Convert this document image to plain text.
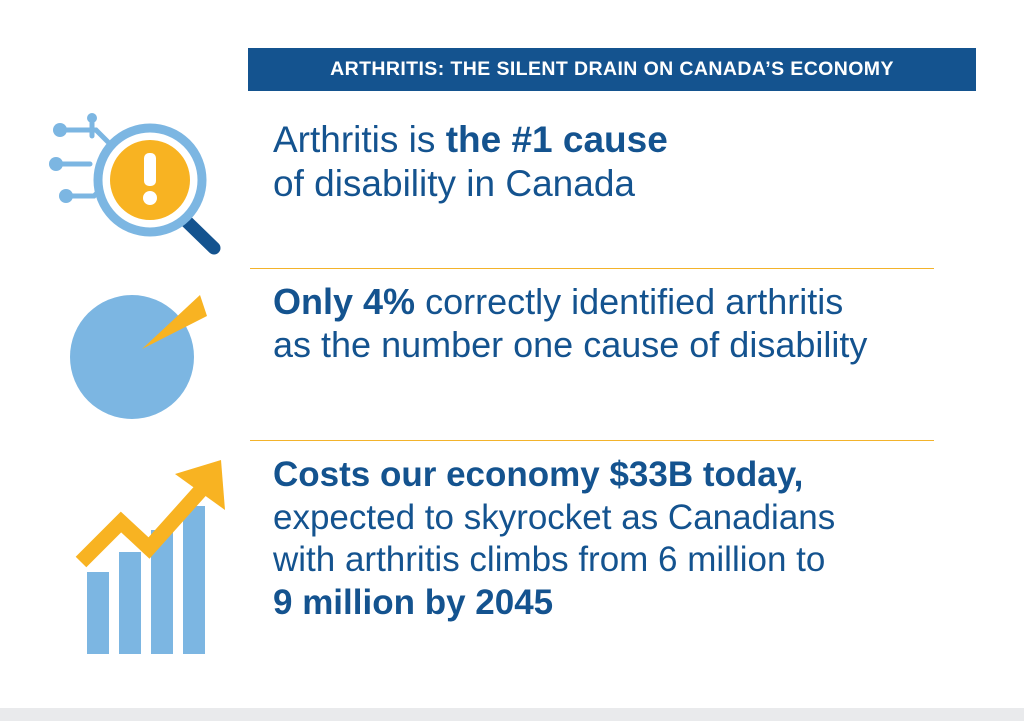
ARTHRITIS: THE SILENT DRAIN ON CANADA’S ECONOMY
Arthritis is the #1 cause
of disability in Canada
Only 4% correctly identified arthritis
as the number one cause of disability
Costs our economy $33B today,
expected to skyrocket as Canadians
with arthritis climbs from 6 million to
9 million by 2045
